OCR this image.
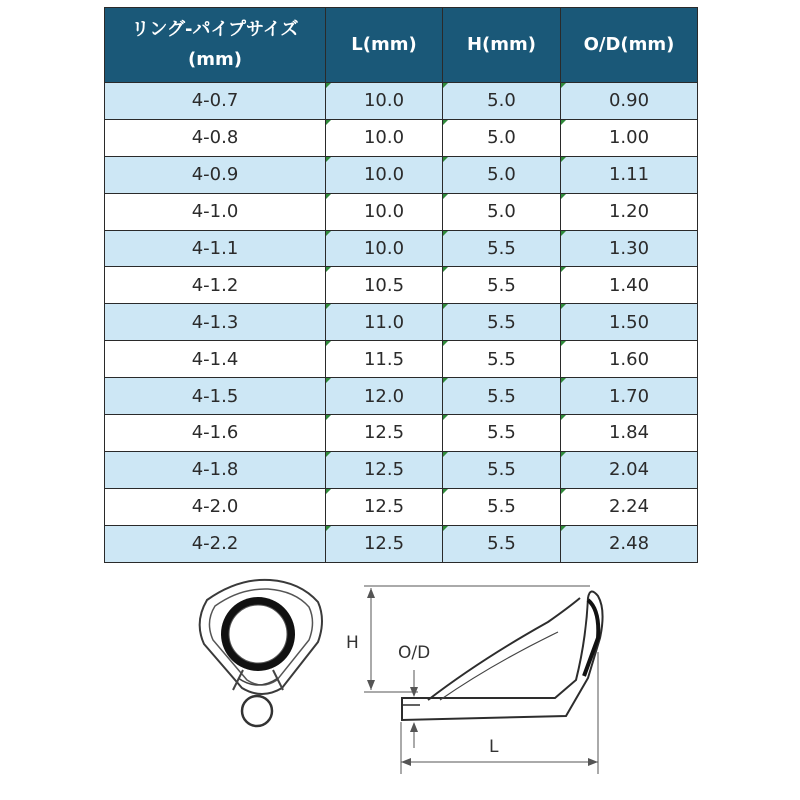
リング-パイプサイズ
(mm)	L(mm)	H(mm)	O/D(mm)
4-0.7	10.0	5.0	0.90
4-0.8	10.0	5.0	1.00
4-0.9	10.0	5.0	1.11
4-1.0	10.0	5.0	1.20
4-1.1	10.0	5.5	1.30
4-1.2	10.5	5.5	1.40
4-1.3	11.0	5.5	1.50
4-1.4	11.5	5.5	1.60
4-1.5	12.0	5.5	1.70
4-1.6	12.5	5.5	1.84
4-1.8	12.5	5.5	2.04
4-2.0	12.5	5.5	2.24
4-2.2	12.5	5.5	2.48
H O/D
L
